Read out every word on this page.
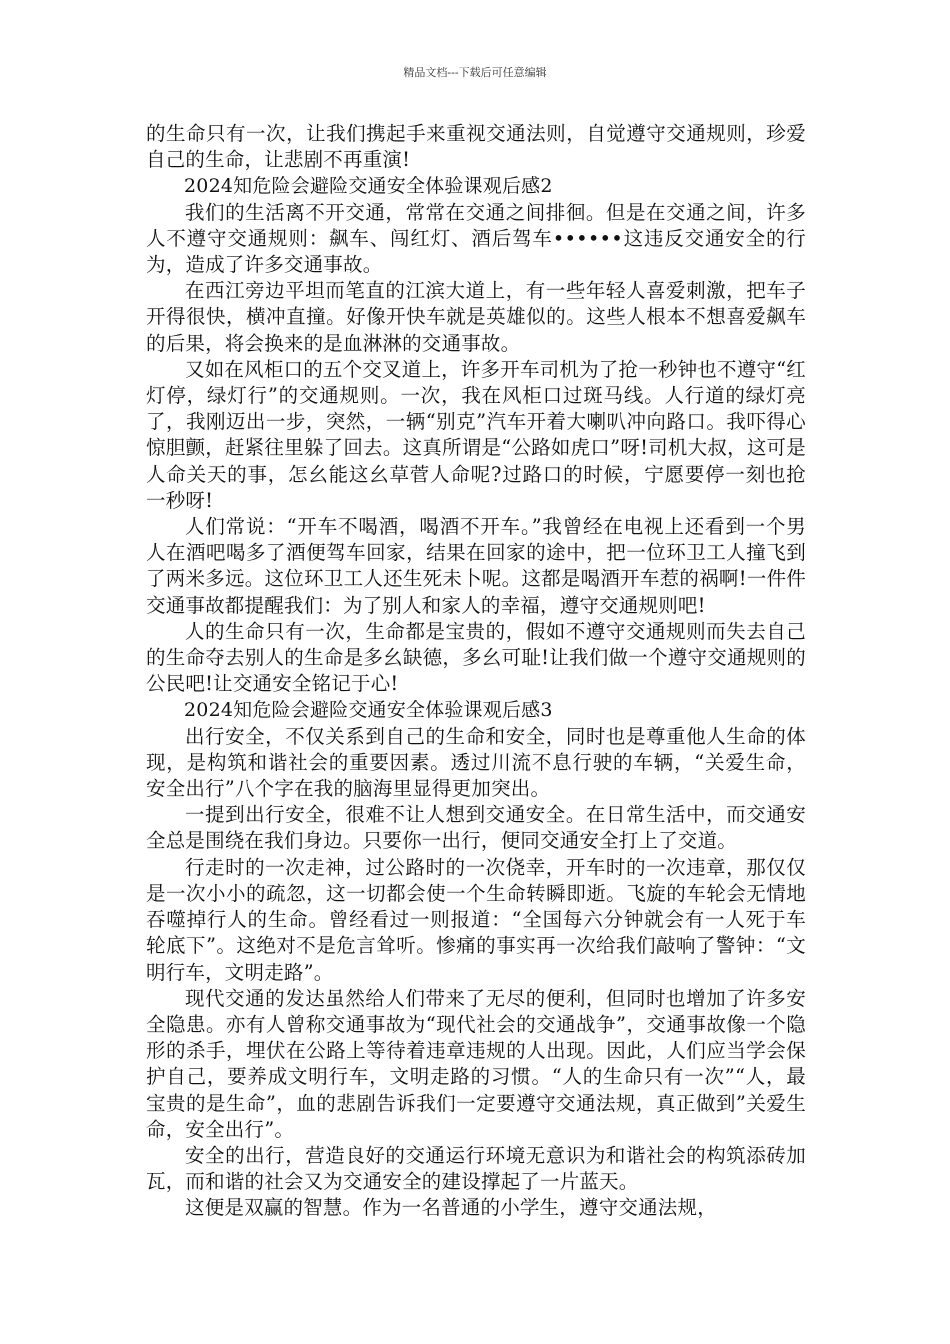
精品文档---下载后可任意编辑

的生命只有一次，让我们携起手来重视交通法则，自觉遵守交通规则，珍爱自己的生命，让悲剧不再重演!

2024知危险会避险交通安全体验课观后感2

我们的生活离不开交通，常常在交通之间排徊。但是在交通之间，许多人不遵守交通规则：飙车、闯红灯、酒后驾车••••••这违反交通安全的行为，造成了许多交通事故。

在西江旁边平坦而笔直的江滨大道上，有一些年轻人喜爱刺激，把车子开得很快，横冲直撞。好像开快车就是英雄似的。这些人根本不想喜爱飙车的后果，将会换来的是血淋淋的交通事故。

又如在风柜口的五个交叉道上，许多开车司机为了抢一秒钟也不遵守“红灯停，绿灯行”的交通规则。一次，我在风柜口过斑马线。人行道的绿灯亮了，我刚迈出一步，突然，一辆“别克”汽车开着大喇叭冲向路口。我吓得心惊胆颤，赶紧往里躲了回去。这真所谓是“公路如虎口”呀!司机大叔，这可是人命关天的事，怎幺能这幺草菅人命呢?过路口的时候，宁愿要停一刻也抢一秒呀!

人们常说：“开车不喝酒，喝酒不开车。”我曾经在电视上还看到一个男人在酒吧喝多了酒便驾车回家，结果在回家的途中，把一位环卫工人撞飞到了两米多远。这位环卫工人还生死未卜呢。这都是喝酒开车惹的祸啊!一件件交通事故都提醒我们：为了别人和家人的幸福，遵守交通规则吧!

人的生命只有一次，生命都是宝贵的，假如不遵守交通规则而失去自己的生命夺去别人的生命是多幺缺德，多幺可耻!让我们做一个遵守交通规则的公民吧!让交通安全铭记于心!

2024知危险会避险交通安全体验课观后感3

出行安全，不仅关系到自己的生命和安全，同时也是尊重他人生命的体现，是构筑和谐社会的重要因素。透过川流不息行驶的车辆，“关爱生命，安全出行”八个字在我的脑海里显得更加突出。

一提到出行安全，很难不让人想到交通安全。在日常生活中，而交通安全总是围绕在我们身边。只要你一出行，便同交通安全打上了交道。

行走时的一次走神，过公路时的一次侥幸，开车时的一次违章，那仅仅是一次小小的疏忽，这一切都会使一个生命转瞬即逝。飞旋的车轮会无情地吞噬掉行人的生命。曾经看过一则报道：“全国每六分钟就会有一人死于车轮底下”。这绝对不是危言耸听。惨痛的事实再一次给我们敲响了警钟：“文明行车，文明走路”。

现代交通的发达虽然给人们带来了无尽的便利，但同时也增加了许多安全隐患。亦有人曾称交通事故为“现代社会的交通战争”，交通事故像一个隐形的杀手，埋伏在公路上等待着违章违规的人出现。因此，人们应当学会保护自己，要养成文明行车，文明走路的习惯。“人的生命只有一次”“人，最宝贵的是生命”，血的悲剧告诉我们一定要遵守交通法规，真正做到”关爱生命，安全出行”。

安全的出行，营造良好的交通运行环境无意识为和谐社会的构筑添砖加瓦，而和谐的社会又为交通安全的建设撑起了一片蓝天。

这便是双赢的智慧。作为一名普通的小学生，遵守交通法规，
